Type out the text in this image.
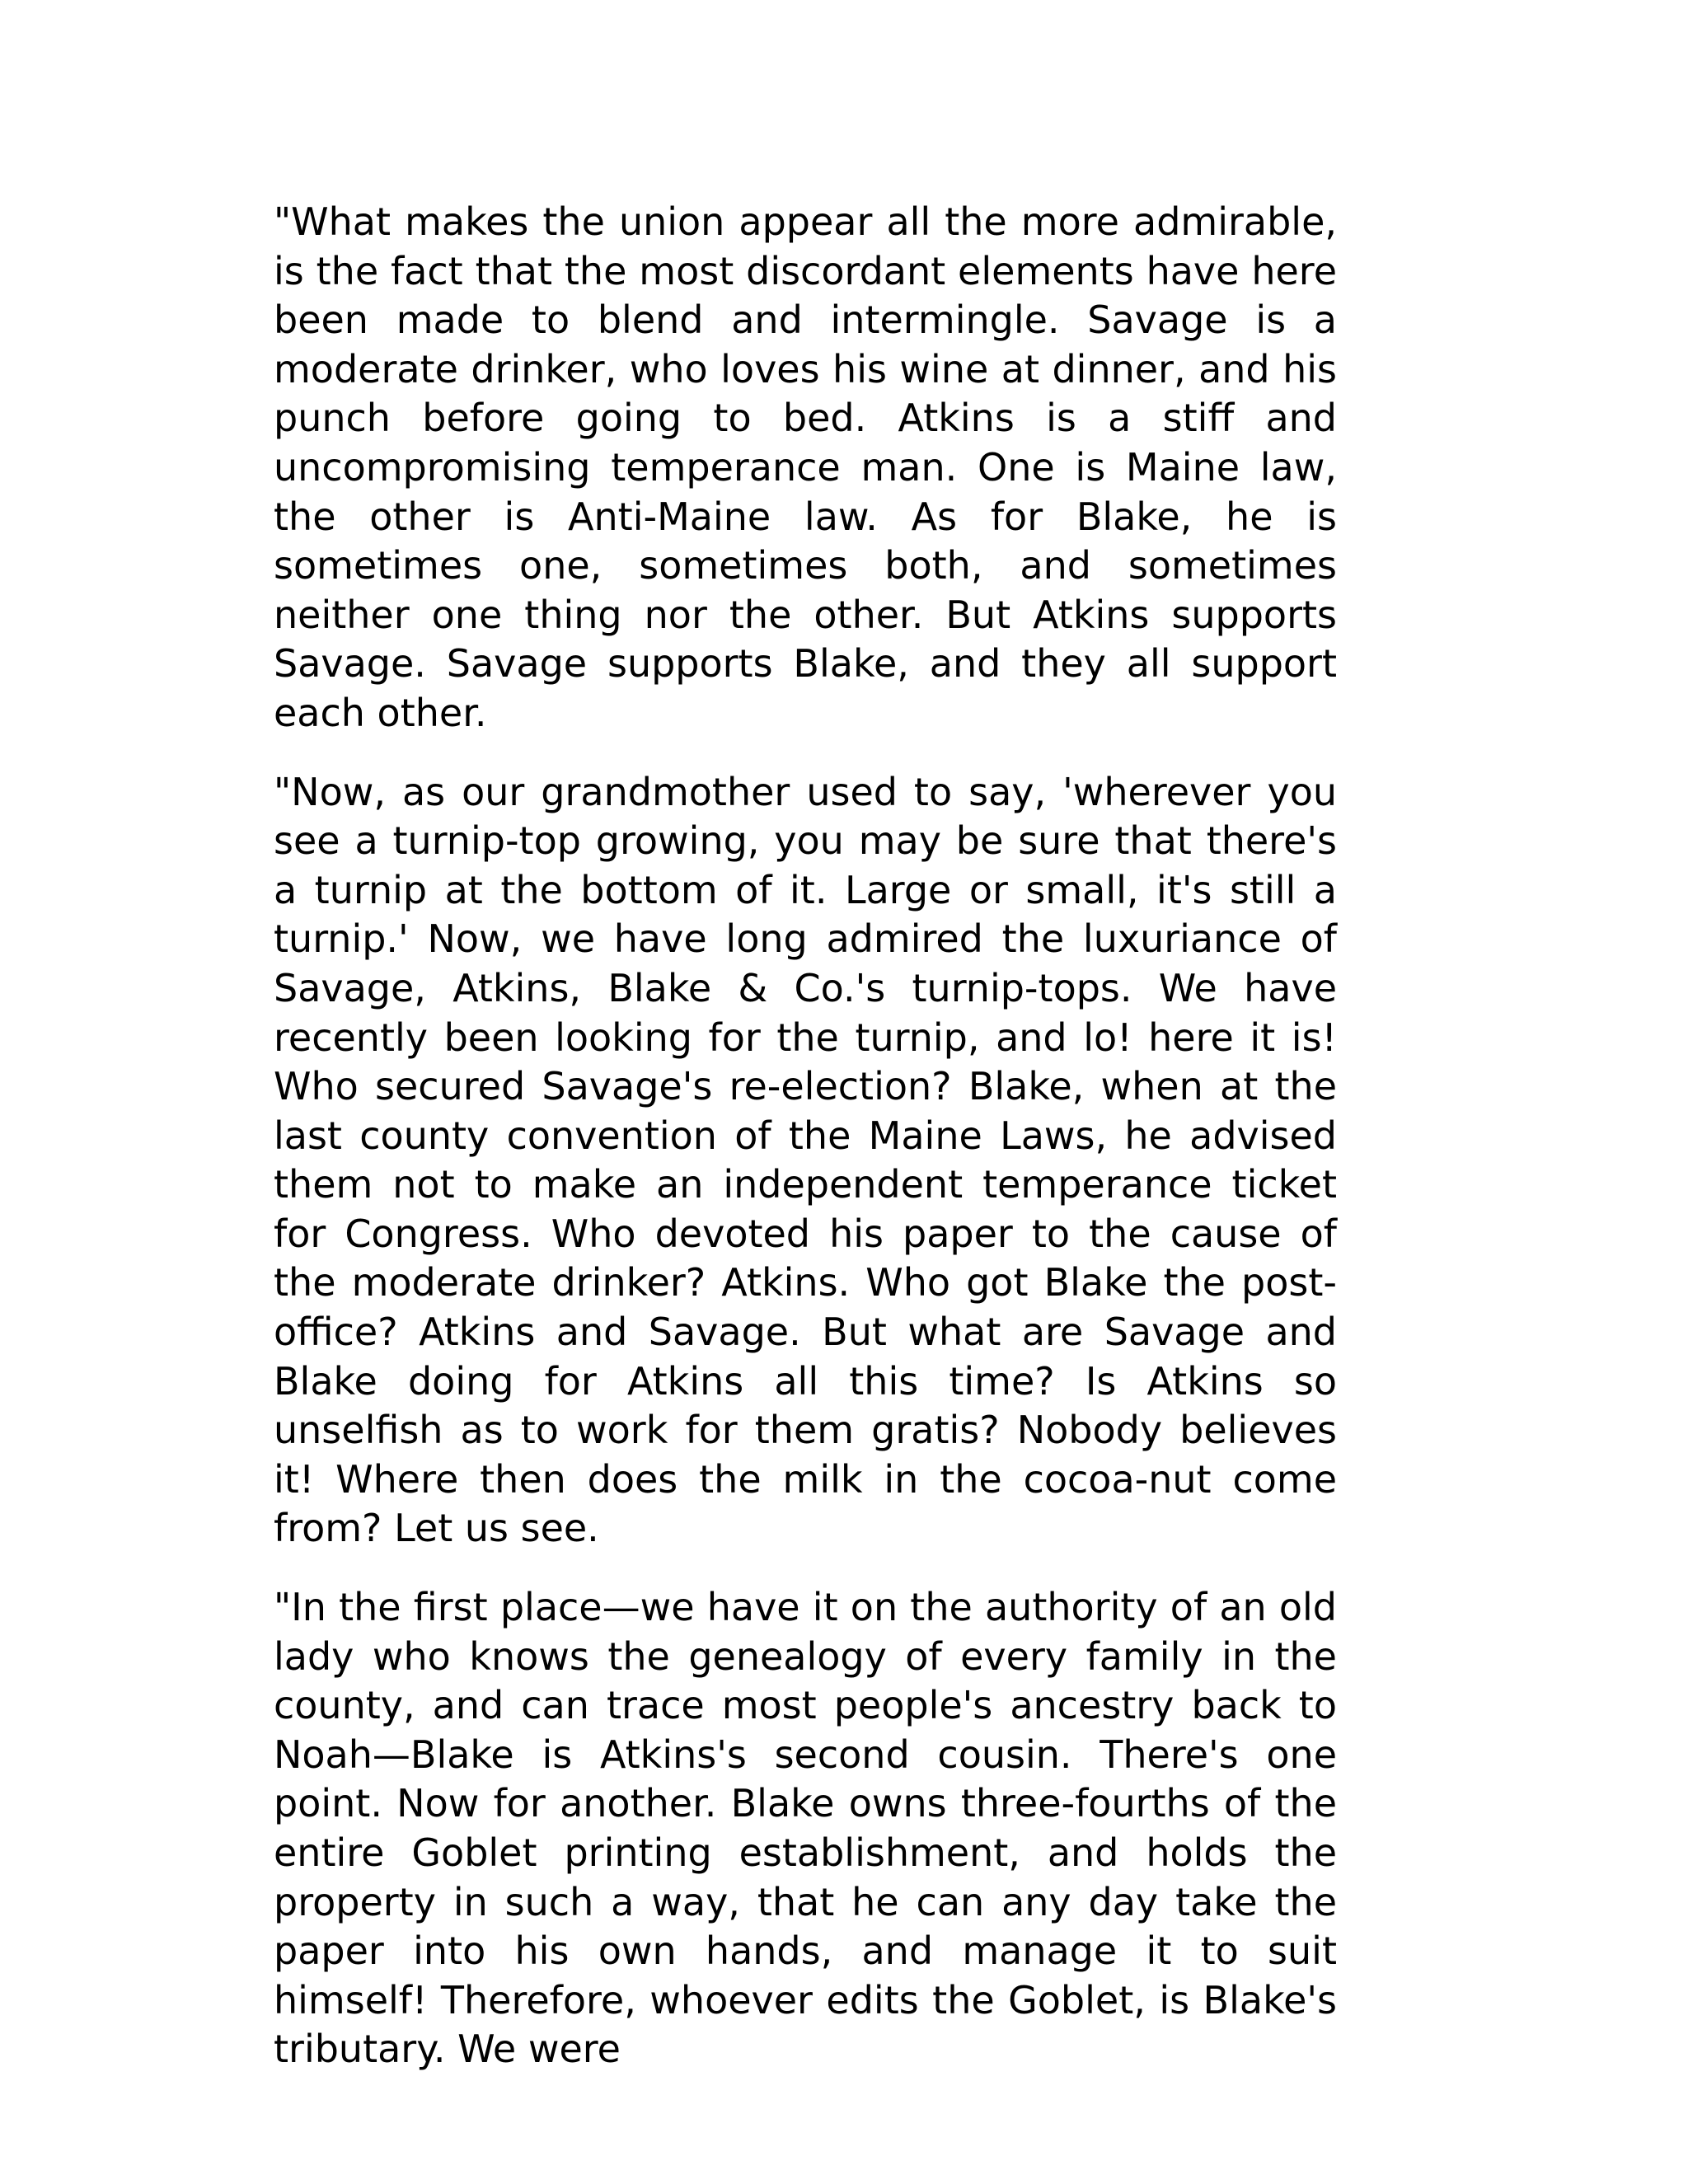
"What makes the union appear all the more admirable, is the fact that the most discordant elements have here been made to blend and intermingle. Savage is a moderate drinker, who loves his wine at dinner, and his punch before going to bed. Atkins is a stiff and uncompromising temperance man. One is Maine law, the other is Anti-Maine law. As for Blake, he is sometimes one, sometimes both, and sometimes neither one thing nor the other. But Atkins supports Savage. Savage supports Blake, and they all support each other.

"Now, as our grandmother used to say, 'wherever you see a turnip-top growing, you may be sure that there's a turnip at the bottom of it. Large or small, it's still a turnip.' Now, we have long admired the luxuriance of Savage, Atkins, Blake & Co.'s turnip-tops. We have recently been looking for the turnip, and lo! here it is! Who secured Savage's re-election? Blake, when at the last county convention of the Maine Laws, he advised them not to make an independent temperance ticket for Congress. Who devoted his paper to the cause of the moderate drinker? Atkins. Who got Blake the post-office? Atkins and Savage. But what are Savage and Blake doing for Atkins all this time? Is Atkins so unselfish as to work for them gratis? Nobody believes it! Where then does the milk in the cocoa-nut come from? Let us see.

"In the first place—we have it on the authority of an old lady who knows the genealogy of every family in the county, and can trace most people's ancestry back to Noah—Blake is Atkins's second cousin. There's one point. Now for another. Blake owns three-fourths of the entire Goblet printing establishment, and holds the property in such a way, that he can any day take the paper into his own hands, and manage it to suit himself! Therefore, whoever edits the Goblet, is Blake's tributary. We were
